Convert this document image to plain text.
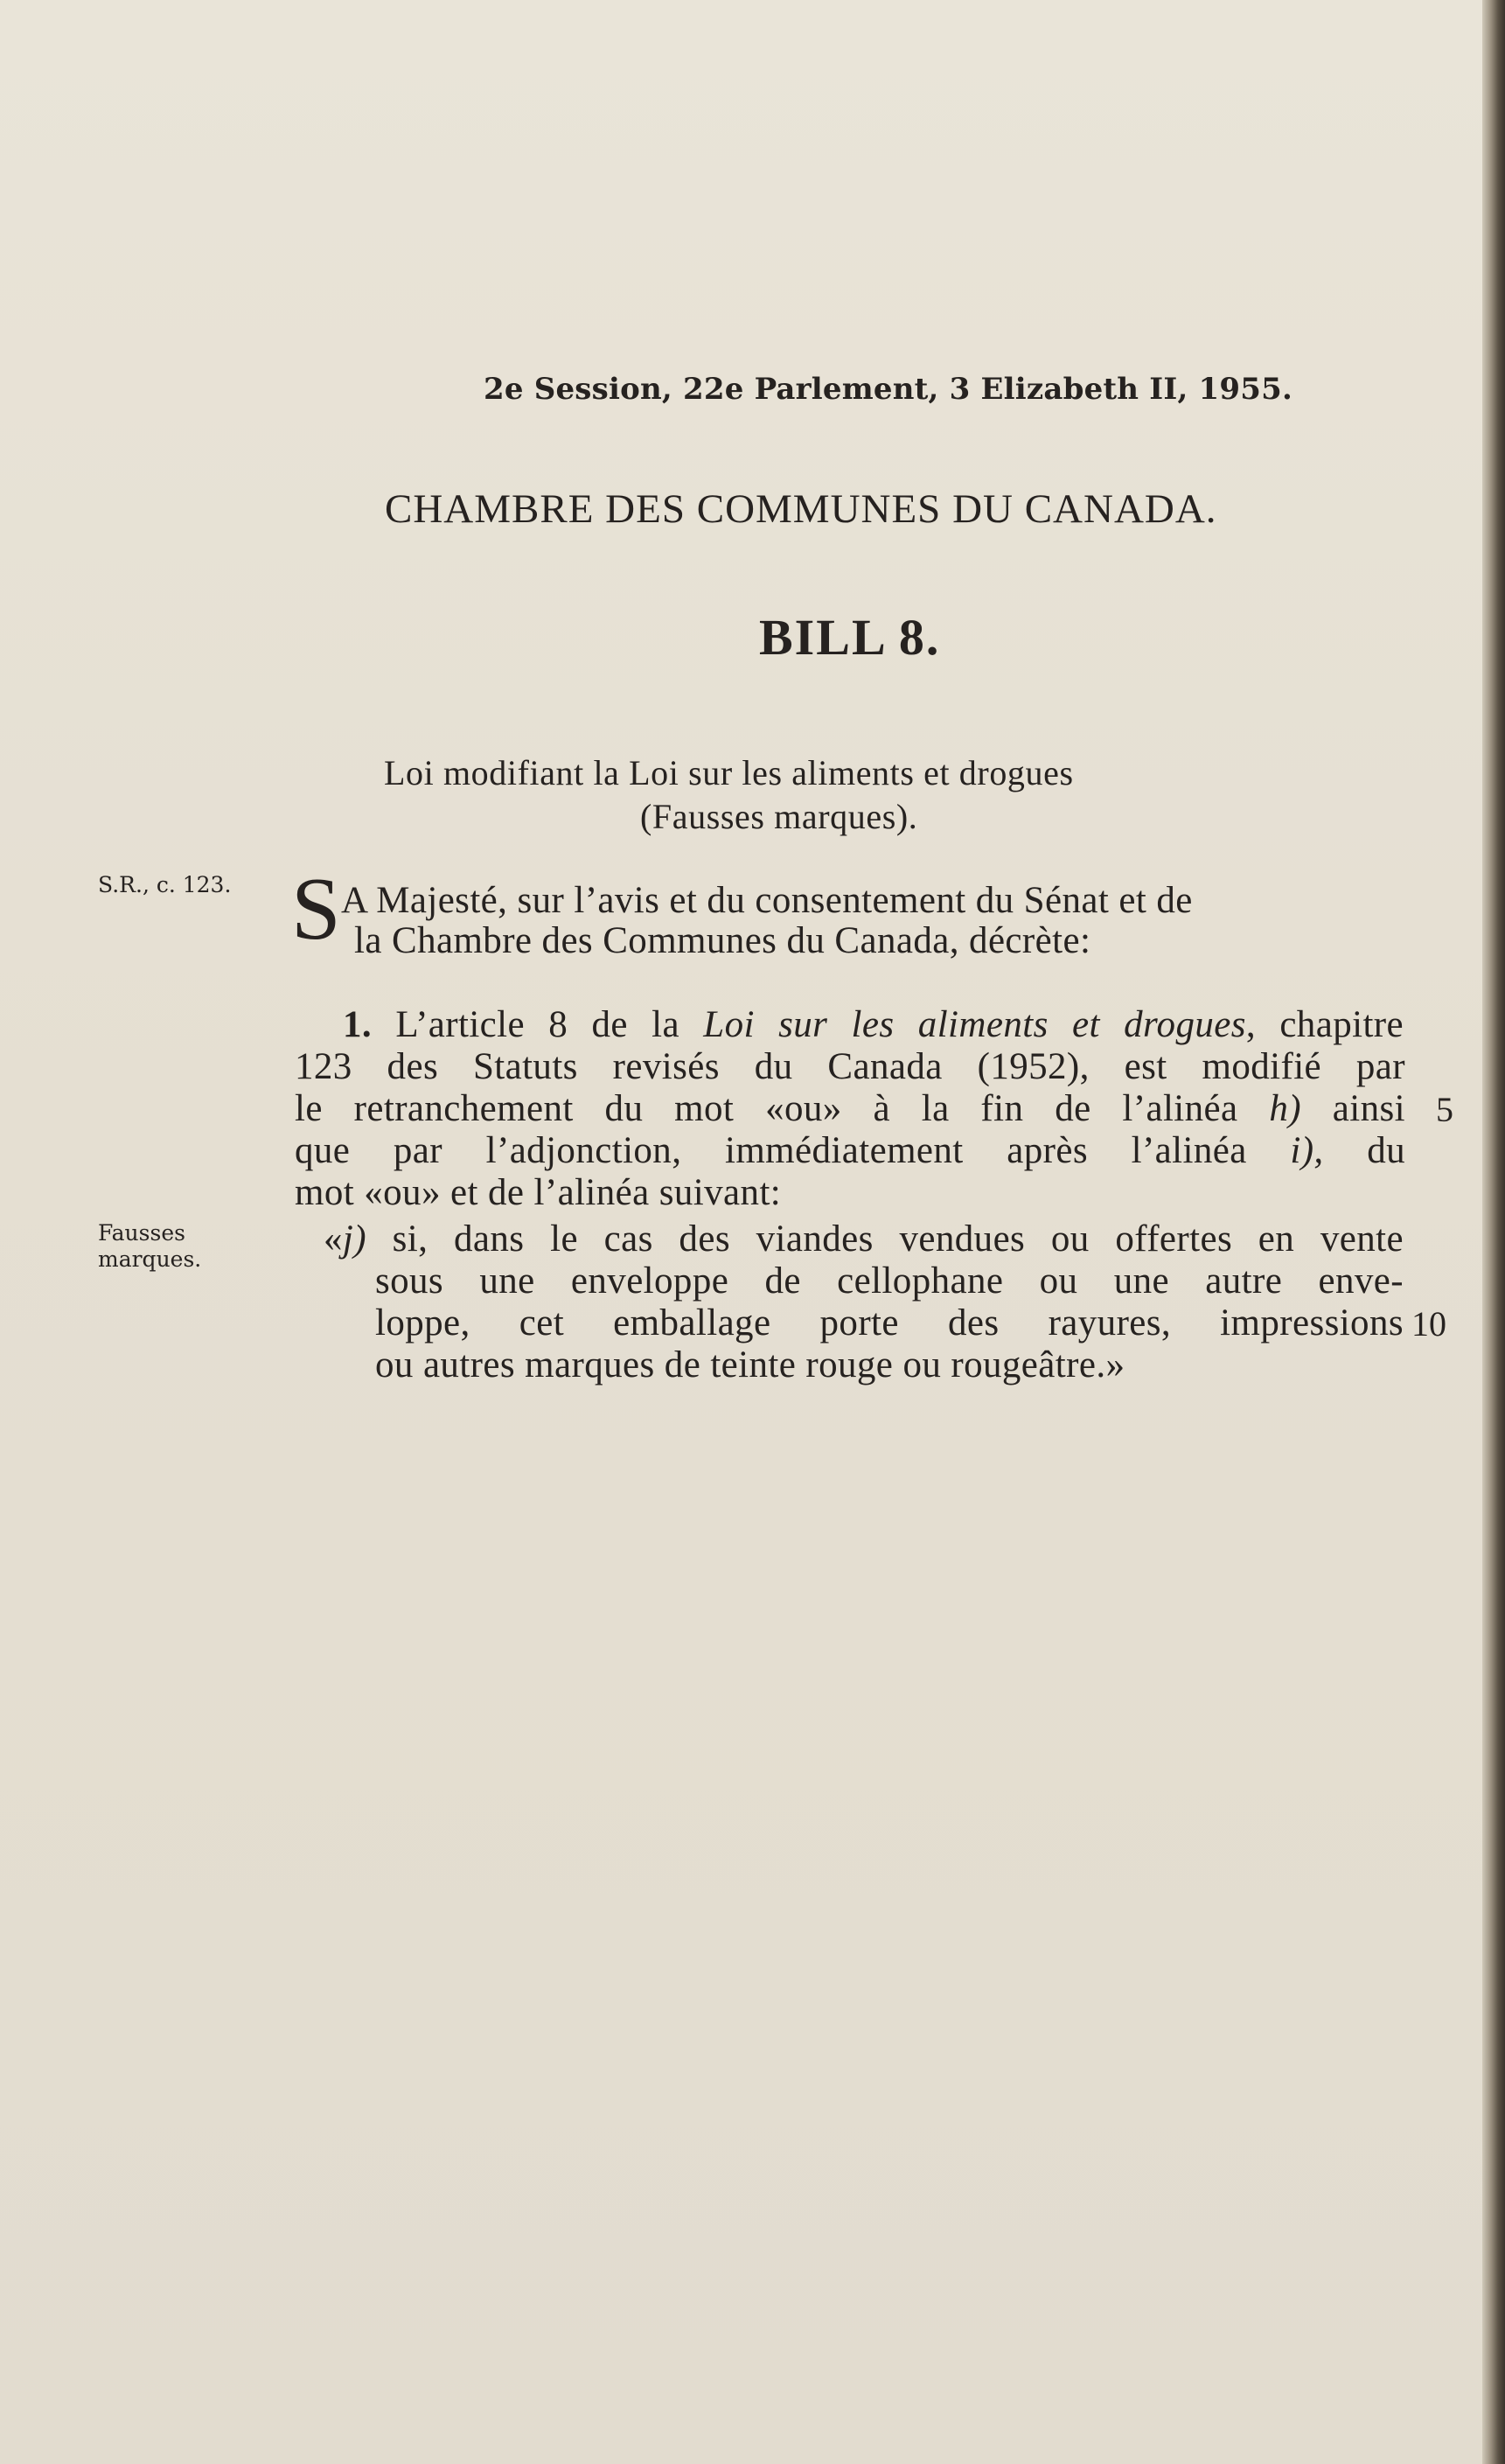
2e Session, 22e Parlement, 3 Elizabeth II, 1955.

CHAMBRE DES COMMUNES DU CANADA.

BILL 8.

Loi modifiant la Loi sur les aliments et drogues

(Fausses marques).

S.R., c. 123.

Fausses
marques.
S A Majesté, sur l’avis et du consentement du Sénat et de

la Chambre des Communes du Canada, décrète:

1. L’article 8 de la Loi sur les aliments et drogues, chapitre

123 des Statuts revisés du Canada (1952), est modifié par

le retranchement du mot «ou» à la fin de l’alinéa h) ainsi

que par l’adjonction, immédiatement après l’alinéa i), du

mot «ou» et de l’alinéa suivant:

«j) si, dans le cas des viandes vendues ou offertes en vente

sous une enveloppe de cellophane ou une autre enve-

loppe, cet emballage porte des rayures, impressions

ou autres marques de teinte rouge ou rougeâtre.»

5
10
